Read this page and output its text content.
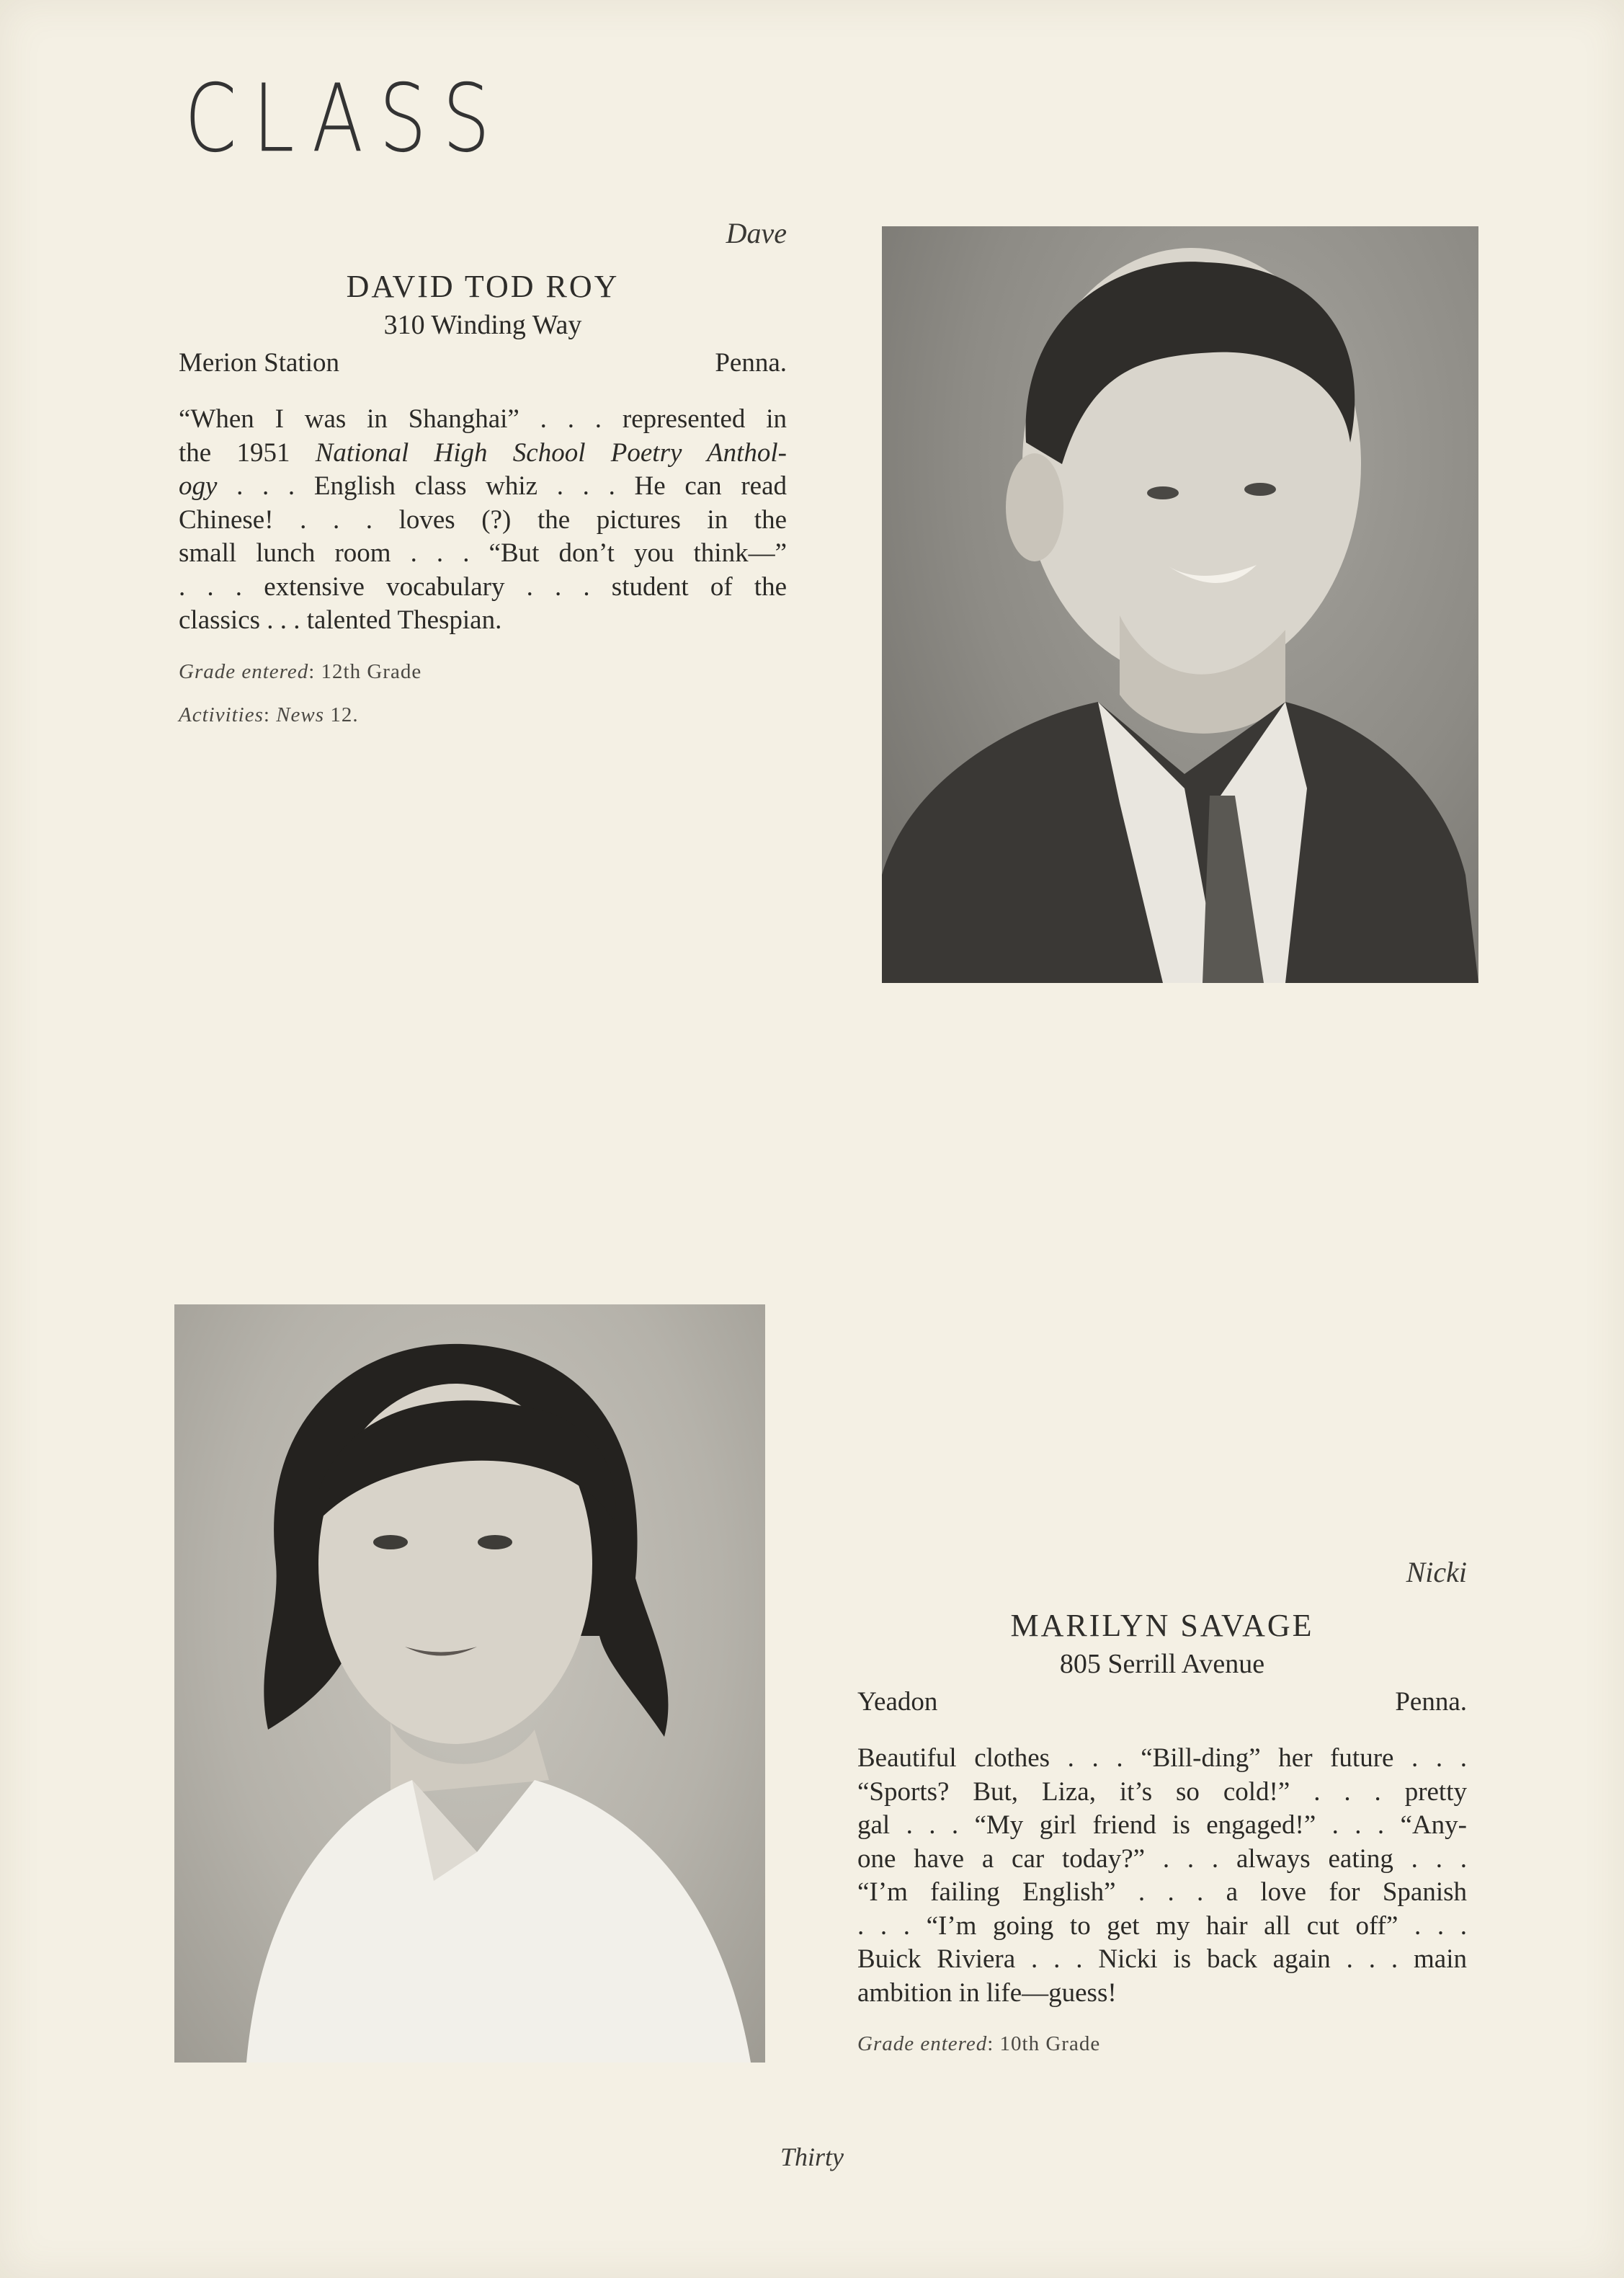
CLASS
Dave
DAVID TOD ROY
310 Winding Way
Merion Station	Penna.
“When I was in Shanghai” . . . represented in
the 1951 National High School Poetry Anthol-
ogy . . . English class whiz . . . He can read
Chinese! . . . loves (?) the pictures in the
small lunch room . . . “But don’t you think—”
. . . extensive vocabulary . . . student of the
classics . . . talented Thespian.
Grade entered: 12th Grade
Activities: News 12.
Nicki
MARILYN SAVAGE
805 Serrill Avenue
Yeadon	Penna.
Beautiful clothes . . . “Bill-ding” her future . . .
“Sports? But, Liza, it’s so cold!” . . . pretty
gal . . . “My girl friend is engaged!” . . . “Any-
one have a car today?” . . . always eating . . .
“I’m failing English” . . . a love for Spanish
. . . “I’m going to get my hair all cut off” . . .
Buick Riviera . . . Nicki is back again . . . main
ambition in life—guess!
Grade entered: 10th Grade
Thirty
